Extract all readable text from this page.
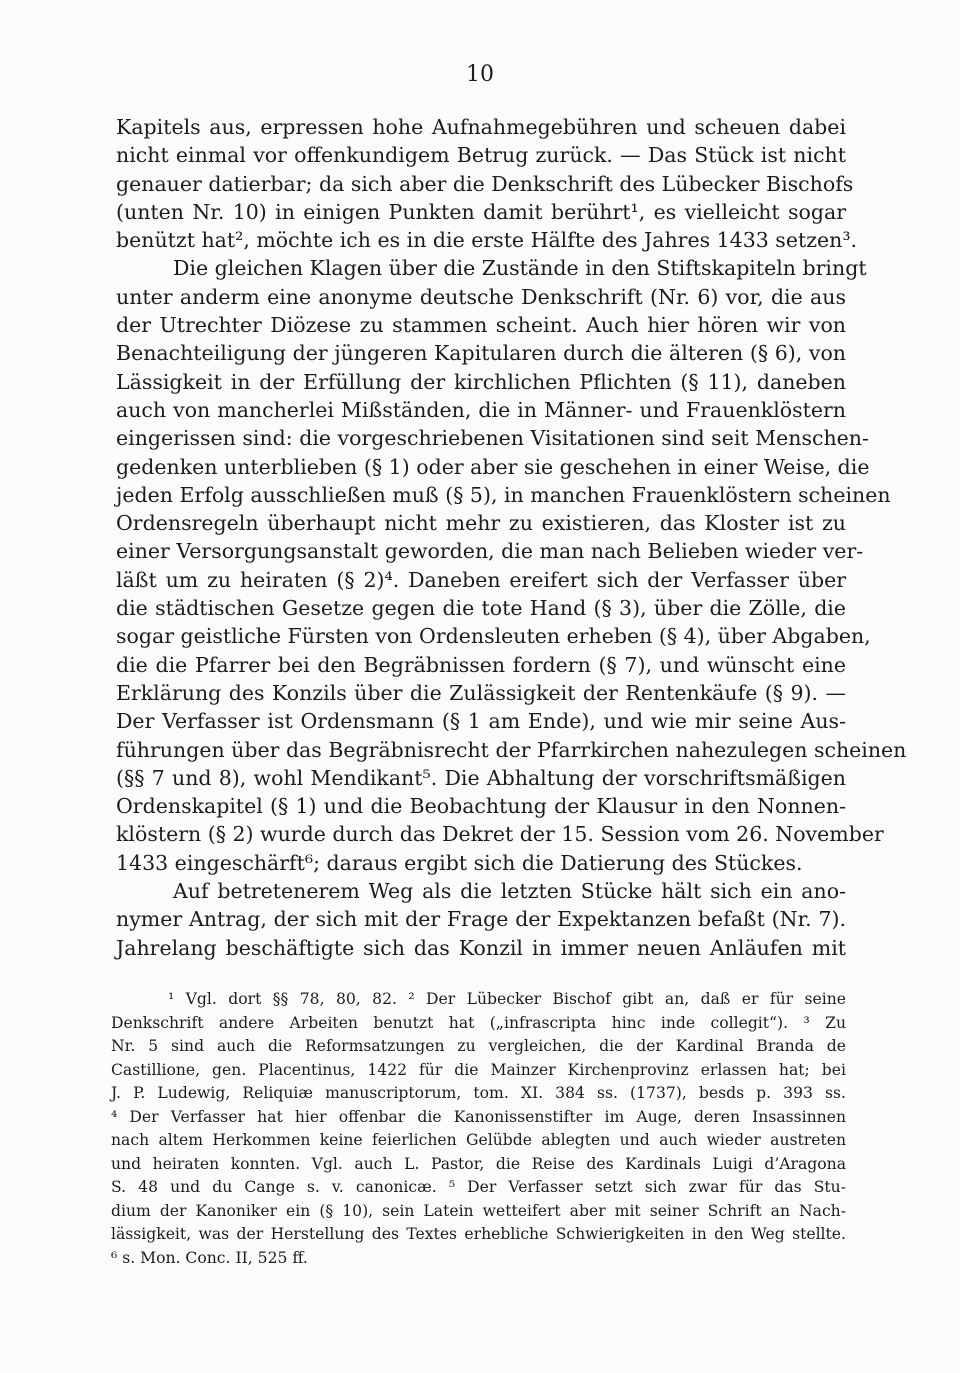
10
Kapitels aus, erpressen hohe Aufnahmegebühren und scheuen dabei
nicht einmal vor offenkundigem Betrug zurück. — Das Stück ist nicht
genauer datierbar; da sich aber die Denkschrift des Lübecker Bischofs
(unten Nr. 10) in einigen Punkten damit berührt¹, es vielleicht sogar
benützt hat², möchte ich es in die erste Hälfte des Jahres 1433 setzen³.
Die gleichen Klagen über die Zustände in den Stiftskapiteln bringt
unter anderm eine anonyme deutsche Denkschrift (Nr. 6) vor, die aus
der Utrechter Diözese zu stammen scheint. Auch hier hören wir von
Benachteiligung der jüngeren Kapitularen durch die älteren (§ 6), von
Lässigkeit in der Erfüllung der kirchlichen Pflichten (§ 11), daneben
auch von mancherlei Mißständen, die in Männer- und Frauenklöstern
eingerissen sind: die vorgeschriebenen Visitationen sind seit Menschen-
gedenken unterblieben (§ 1) oder aber sie geschehen in einer Weise, die
jeden Erfolg ausschließen muß (§ 5), in manchen Frauenklöstern scheinen
Ordensregeln überhaupt nicht mehr zu existieren, das Kloster ist zu
einer Versorgungsanstalt geworden, die man nach Belieben wieder ver-
läßt um zu heiraten (§ 2)⁴. Daneben ereifert sich der Verfasser über
die städtischen Gesetze gegen die tote Hand (§ 3), über die Zölle, die
sogar geistliche Fürsten von Ordensleuten erheben (§ 4), über Abgaben,
die die Pfarrer bei den Begräbnissen fordern (§ 7), und wünscht eine
Erklärung des Konzils über die Zulässigkeit der Rentenkäufe (§ 9). —
Der Verfasser ist Ordensmann (§ 1 am Ende), und wie mir seine Aus-
führungen über das Begräbnisrecht der Pfarrkirchen nahezulegen scheinen
(§§ 7 und 8), wohl Mendikant⁵. Die Abhaltung der vorschriftsmäßigen
Ordenskapitel (§ 1) und die Beobachtung der Klausur in den Nonnen-
klöstern (§ 2) wurde durch das Dekret der 15. Session vom 26. November
1433 eingeschärft⁶; daraus ergibt sich die Datierung des Stückes.
Auf betretenerem Weg als die letzten Stücke hält sich ein ano-
nymer Antrag, der sich mit der Frage der Expektanzen befaßt (Nr. 7).
Jahrelang beschäftigte sich das Konzil in immer neuen Anläufen mit
¹ Vgl. dort §§ 78, 80, 82. ² Der Lübecker Bischof gibt an, daß er für seine
Denkschrift andere Arbeiten benutzt hat („infrascripta hinc inde collegit“). ³ Zu
Nr. 5 sind auch die Reformsatzungen zu vergleichen, die der Kardinal Branda de
Castillione, gen. Placentinus, 1422 für die Mainzer Kirchenprovinz erlassen hat; bei
J. P. Ludewig, Reliquiæ manuscriptorum, tom. XI. 384 ss. (1737), besds p. 393 ss.
⁴ Der Verfasser hat hier offenbar die Kanonissenstifter im Auge, deren Insassinnen
nach altem Herkommen keine feierlichen Gelübde ablegten und auch wieder austreten
und heiraten konnten. Vgl. auch L. Pastor, die Reise des Kardinals Luigi d’Aragona
S. 48 und du Cange s. v. canonicæ. ⁵ Der Verfasser setzt sich zwar für das Stu-
dium der Kanoniker ein (§ 10), sein Latein wetteifert aber mit seiner Schrift an Nach-
lässigkeit, was der Herstellung des Textes erhebliche Schwierigkeiten in den Weg stellte.
⁶ s. Mon. Conc. II, 525 ff.
